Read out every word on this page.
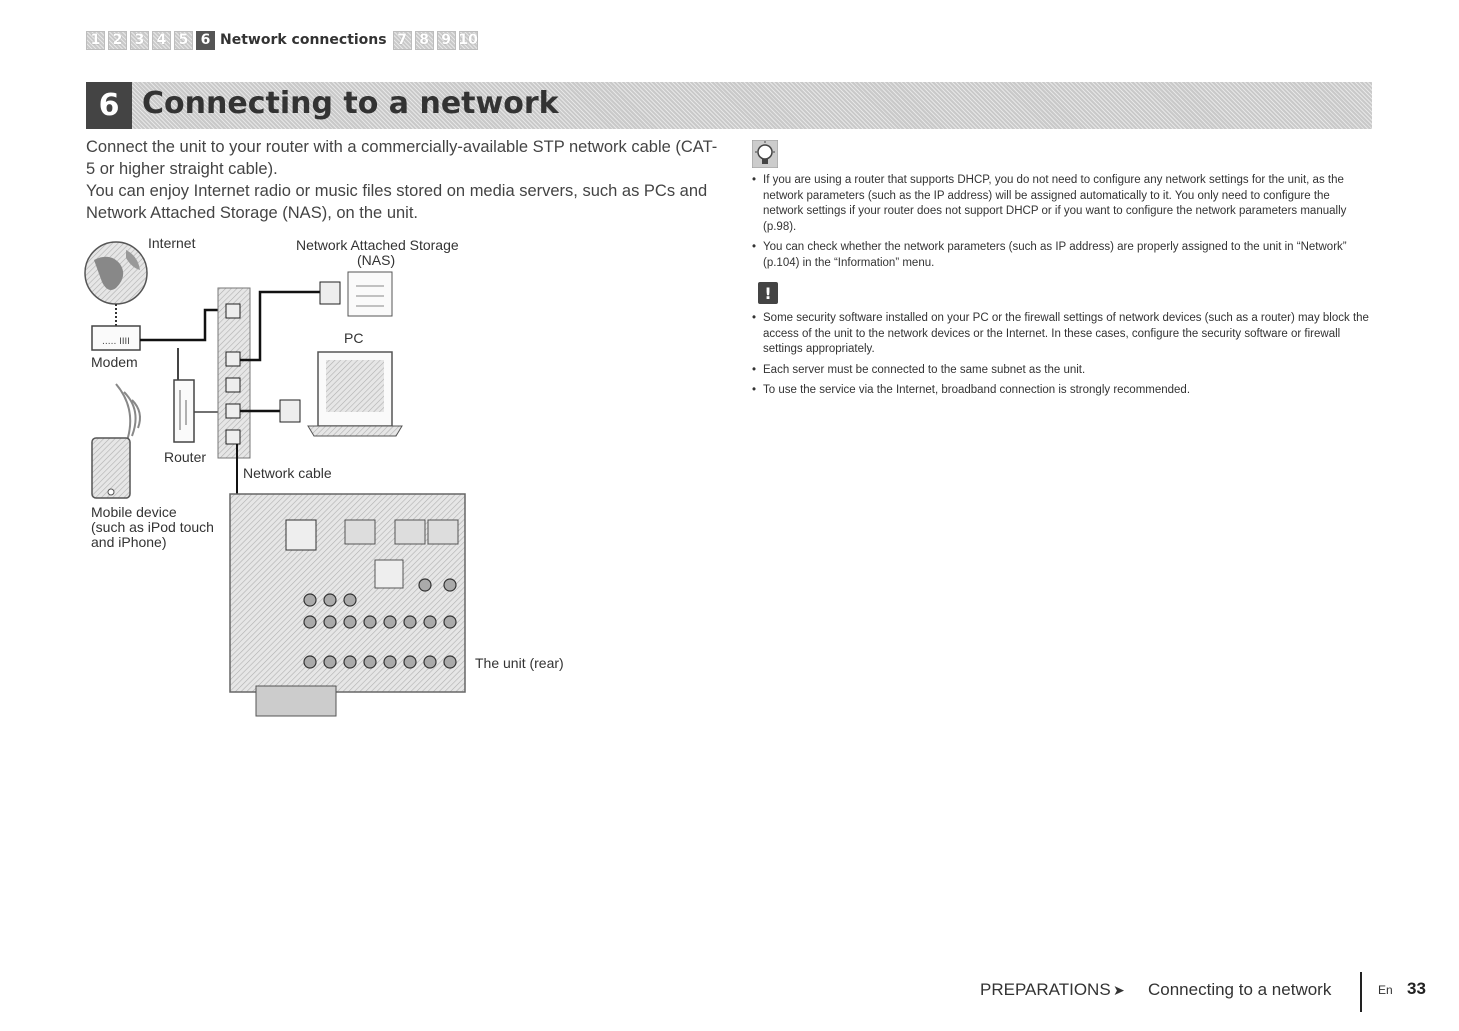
1 2 3 4 5 6 Network connections 7 8 9 10
6 Connecting to a network

Connect the unit to your router with a commercially-available STP network cable (CAT-5 or higher straight cable).

You can enjoy Internet radio or music files stored on media servers, such as PCs and Network Attached Storage (NAS), on the unit.

..... IIII
Internet	Network Attached Storage
(NAS)
PC
Modem
Router
Network cable
Mobile device
(such as iPod touch
and iPhone)
The unit (rear)
• If you are using a router that supports DHCP, you do not need to configure any network settings for the unit, as the network parameters (such as the IP address) will be assigned automatically to it. You only need to configure the network settings if your router does not support DHCP or if you want to configure the network parameters manually (p.98).
• You can check whether the network parameters (such as IP address) are properly assigned to the unit in “Network” (p.104) in the “Information” menu.
!
• Some security software installed on your PC or the firewall settings of network devices (such as a router) may block the access of the unit to the network devices or the Internet. In these cases, configure the security software or firewall settings appropriately.
• Each server must be connected to the same subnet as the unit.
• To use the service via the Internet, broadband connection is strongly recommended.
PREPARATIONS ➤ Connecting to a network	En 33
